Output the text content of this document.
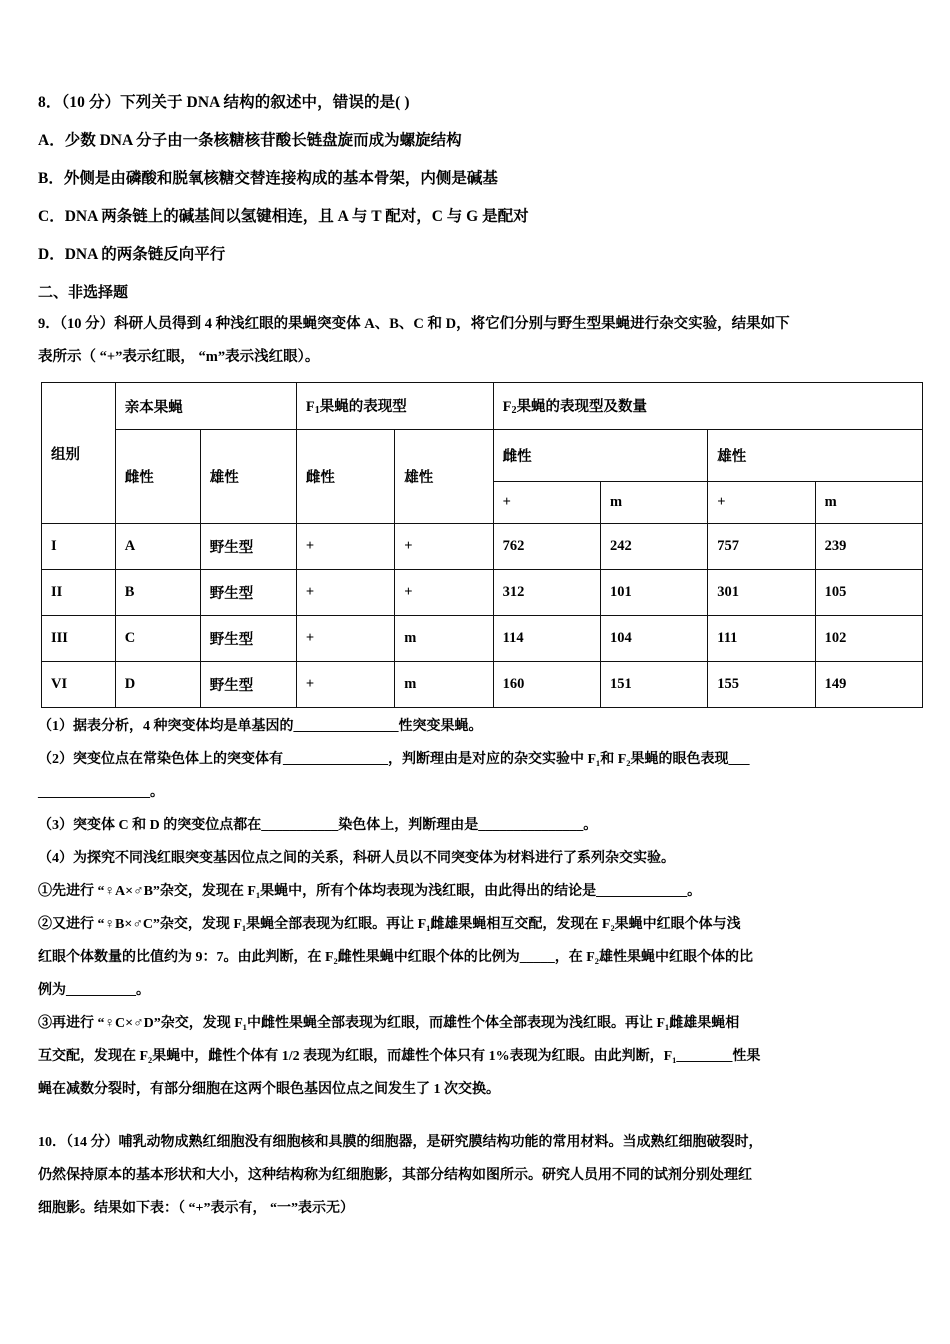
8．（10 分）下列关于 DNA 结构的叙述中，错误的是( )
A．少数 DNA 分子由一条核糖核苷酸长链盘旋而成为螺旋结构
B．外侧是由磷酸和脱氧核糖交替连接构成的基本骨架，内侧是碱基
C．DNA 两条链上的碱基间以氢键相连，且 A 与 T 配对，C 与 G 是配对
D．DNA 的两条链反向平行
二、非选择题
9．（10 分）科研人员得到 4 种浅红眼的果蝇突变体 A、B、C 和 D，将它们分别与野生型果蝇进行杂交实验，结果如下
表所示（ “+”表示红眼， “m”表示浅红眼）。
组别	亲本果蝇		$F_1$果蝇的表现型		$F_2$果蝇的表现型及数量			
	雌性	雄性	雌性	雄性	雌性		雄性	
					+	m	+	m
I	A	野生型	+	+	762	242	757	239
II	B	野生型	+	+	312	101	301	105
III	C	野生型	+	m	114	104	111	102
VI	D	野生型	+	m	160	151	155	149
（1）据表分析，4 种突变体均是单基因的_______________性突变果蝇。
（2）突变位点在常染色体上的突变体有_______________，判断理由是对应的杂交实验中 F₁和 F₂果蝇的眼色表现___
________________。
（3）突变体 C 和 D 的突变位点都在___________染色体上，判断理由是_______________。
（4）为探究不同浅红眼突变基因位点之间的关系，科研人员以不同突变体为材料进行了系列杂交实验。
①先进行 “♀A×♂B”杂交，发现在 F₁果蝇中，所有个体均表现为浅红眼，由此得出的结论是_____________。
②又进行 “♀B×♂C”杂交，发现 F₁果蝇全部表现为红眼。再让 F₁雌雄果蝇相互交配，发现在 F₂果蝇中红眼个体与浅
红眼个体数量的比值约为 9：7。由此判断，在 F₂雌性果蝇中红眼个体的比例为_____，在 F₂雄性果蝇中红眼个体的比
例为__________。
③再进行 “♀C×♂D”杂交，发现 F₁中雌性果蝇全部表现为红眼，而雄性个体全部表现为浅红眼。再让 F₁雌雄果蝇相
互交配，发现在 F₂果蝇中，雌性个体有 1/2 表现为红眼，而雄性个体只有 1%表现为红眼。由此判断，F₁________性果
蝇在减数分裂时，有部分细胞在这两个眼色基因位点之间发生了 1 次交换。
10．（14 分）哺乳动物成熟红细胞没有细胞核和具膜的细胞器，是研究膜结构功能的常用材料。当成熟红细胞破裂时，
仍然保持原本的基本形状和大小，这种结构称为红细胞影，其部分结构如图所示。研究人员用不同的试剂分别处理红
细胞影。结果如下表：（ “+”表示有， “一”表示无）
